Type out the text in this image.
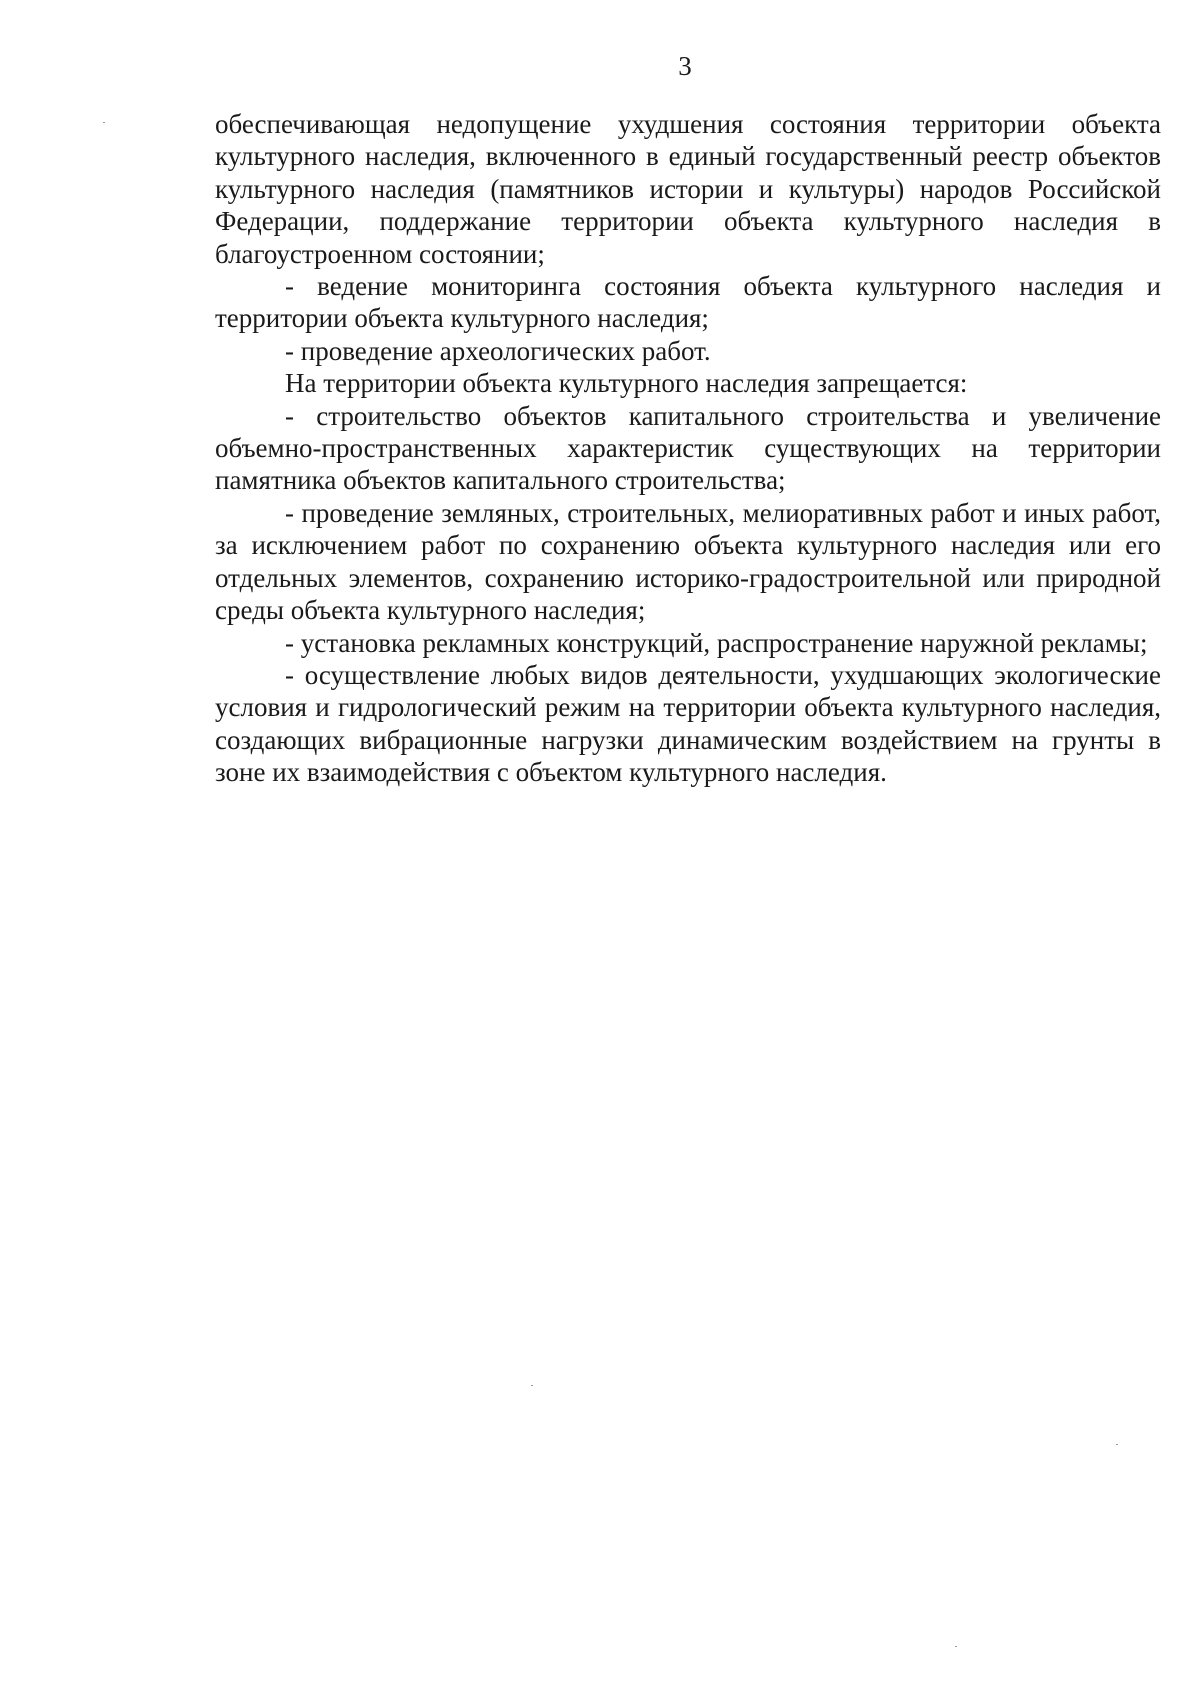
3

обеспечивающая недопущение ухудшения состояния территории объекта культурного наследия, включенного в единый государственный реестр объектов культурного наследия (памятников истории и культуры) народов Российской Федерации, поддержание территории объекта культурного наследия в благоустроенном состоянии;

- ведение мониторинга состояния объекта культурного наследия и территории объекта культурного наследия;

- проведение археологических работ.

На территории объекта культурного наследия запрещается:

- строительство объектов капитального строительства и увеличение объемно-пространственных характеристик существующих на территории памятника объектов капитального строительства;

- проведение земляных, строительных, мелиоративных работ и иных работ, за исключением работ по сохранению объекта культурного наследия или его отдельных элементов, сохранению историко-градостроительной или природной среды объекта культурного наследия;

- установка рекламных конструкций, распространение наружной рекламы;

- осуществление любых видов деятельности, ухудшающих экологические условия и гидрологический режим на территории объекта культурного наследия, создающих вибрационные нагрузки динамическим воздействием на грунты в зоне их взаимодействия с объектом культурного наследия.
